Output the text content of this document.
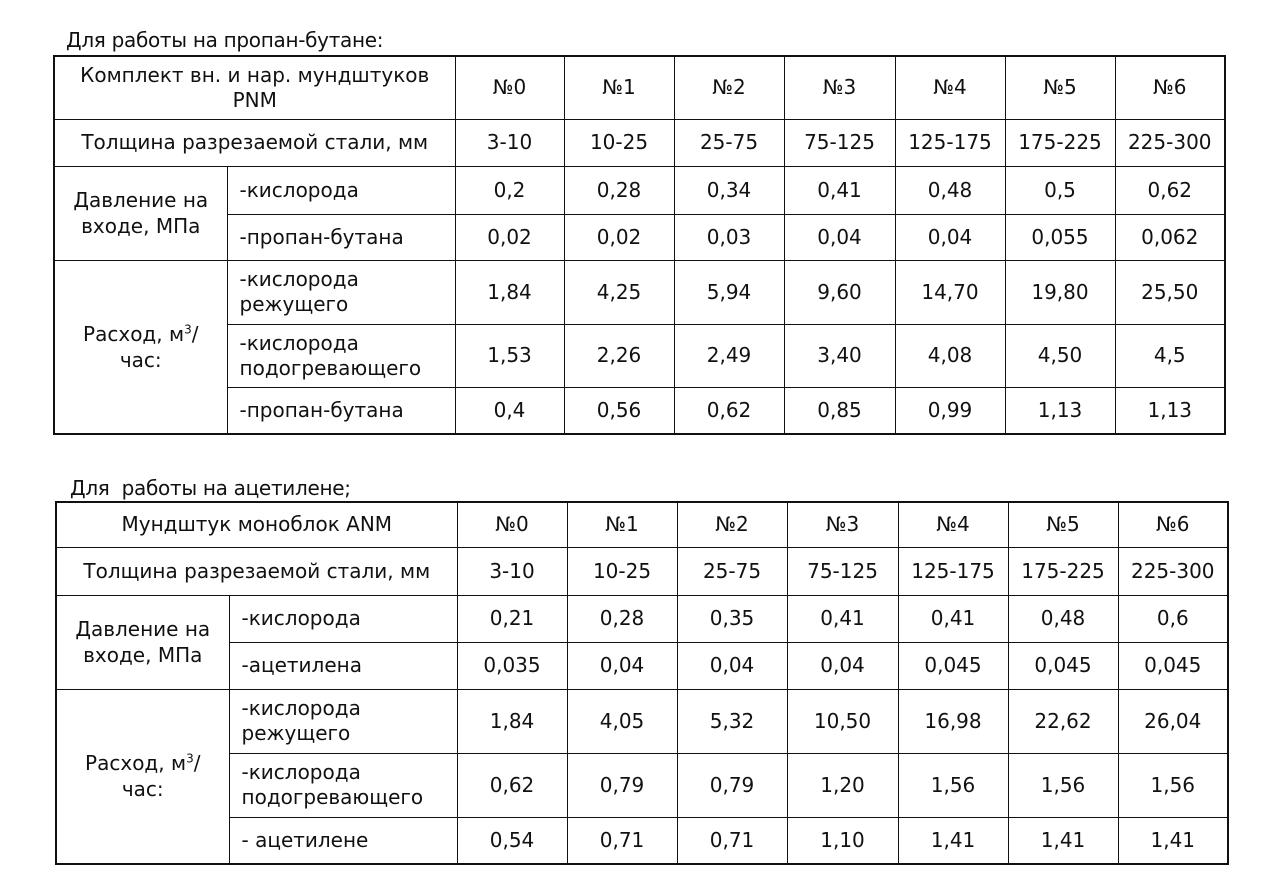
Для работы на пропан-бутане:
Комплект вн. и нар. мундштуков PNM		№0	№1	№2	№3	№4	№5	№6
Толщина разрезаемой стали, мм		3-10	10-25	25-75	75-125	125-175	175-225	225-300
Давление на входе, МПа	-кислорода	0,2	0,28	0,34	0,41	0,48	0,5	0,62
	-пропан-бутана	0,02	0,02	0,03	0,04	0,04	0,055	0,062
Расход, $м^3$/час:	-кислорода режущего	1,84	4,25	5,94	9,60	14,70	19,80	25,50
	-кислорода подогревающего	1,53	2,26	2,49	3,40	4,08	4,50	4,5
	-пропан-бутана	0,4	0,56	0,62	0,85	0,99	1,13	1,13
Для  работы на ацетилене;
Мундштук моноблок ANM		№0	№1	№2	№3	№4	№5	№6
Толщина разрезаемой стали, мм		3-10	10-25	25-75	75-125	125-175	175-225	225-300
Давление на входе, МПа	-кислорода	0,21	0,28	0,35	0,41	0,41	0,48	0,6
	-ацетилена	0,035	0,04	0,04	0,04	0,045	0,045	0,045
Расход, $м^3$/час:	-кислорода режущего	1,84	4,05	5,32	10,50	16,98	22,62	26,04
	-кислорода подогревающего	0,62	0,79	0,79	1,20	1,56	1,56	1,56
	- ацетилене	0,54	0,71	0,71	1,10	1,41	1,41	1,41
